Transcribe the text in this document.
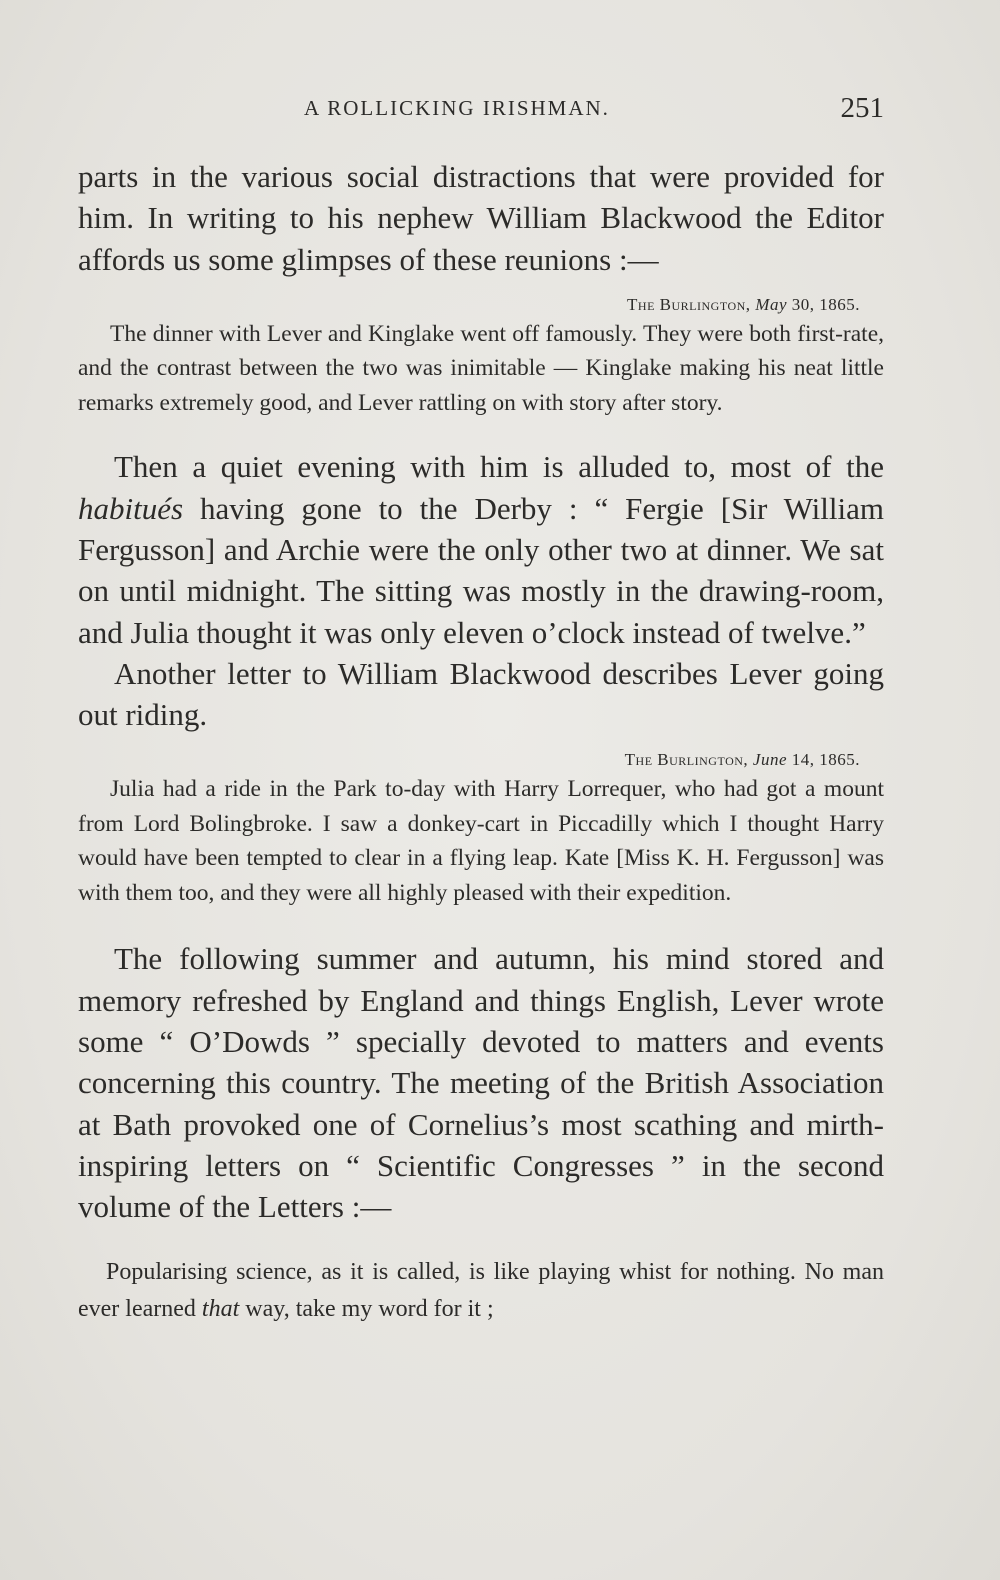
A ROLLICKING IRISHMAN.	251

parts in the various social distractions that were provided for him. In writing to his nephew William Blackwood the Editor affords us some glimpses of these reunions :—

The Burlington, May 30, 1865.

The dinner with Lever and Kinglake went off famously. They were both first-rate, and the contrast between the two was inimitable — Kinglake making his neat little remarks extremely good, and Lever rattling on with story after story.

Then a quiet evening with him is alluded to, most of the habitués having gone to the Derby : “ Fergie [Sir William Fergusson] and Archie were the only other two at dinner. We sat on until midnight. The sitting was mostly in the drawing-room, and Julia thought it was only eleven o’clock instead of twelve.”

Another letter to William Blackwood describes Lever going out riding.

The Burlington, June 14, 1865.

Julia had a ride in the Park to-day with Harry Lorrequer, who had got a mount from Lord Bolingbroke. I saw a donkey-cart in Piccadilly which I thought Harry would have been tempted to clear in a flying leap. Kate [Miss K. H. Fergusson] was with them too, and they were all highly pleased with their expedition.

The following summer and autumn, his mind stored and memory refreshed by England and things English, Lever wrote some “ O’Dowds ” specially devoted to matters and events concerning this country. The meeting of the British Association at Bath provoked one of Cornelius’s most scathing and mirth-inspiring letters on “ Scientific Congresses ” in the second volume of the Letters :—

Popularising science, as it is called, is like playing whist for nothing. No man ever learned that way, take my word for it ;
